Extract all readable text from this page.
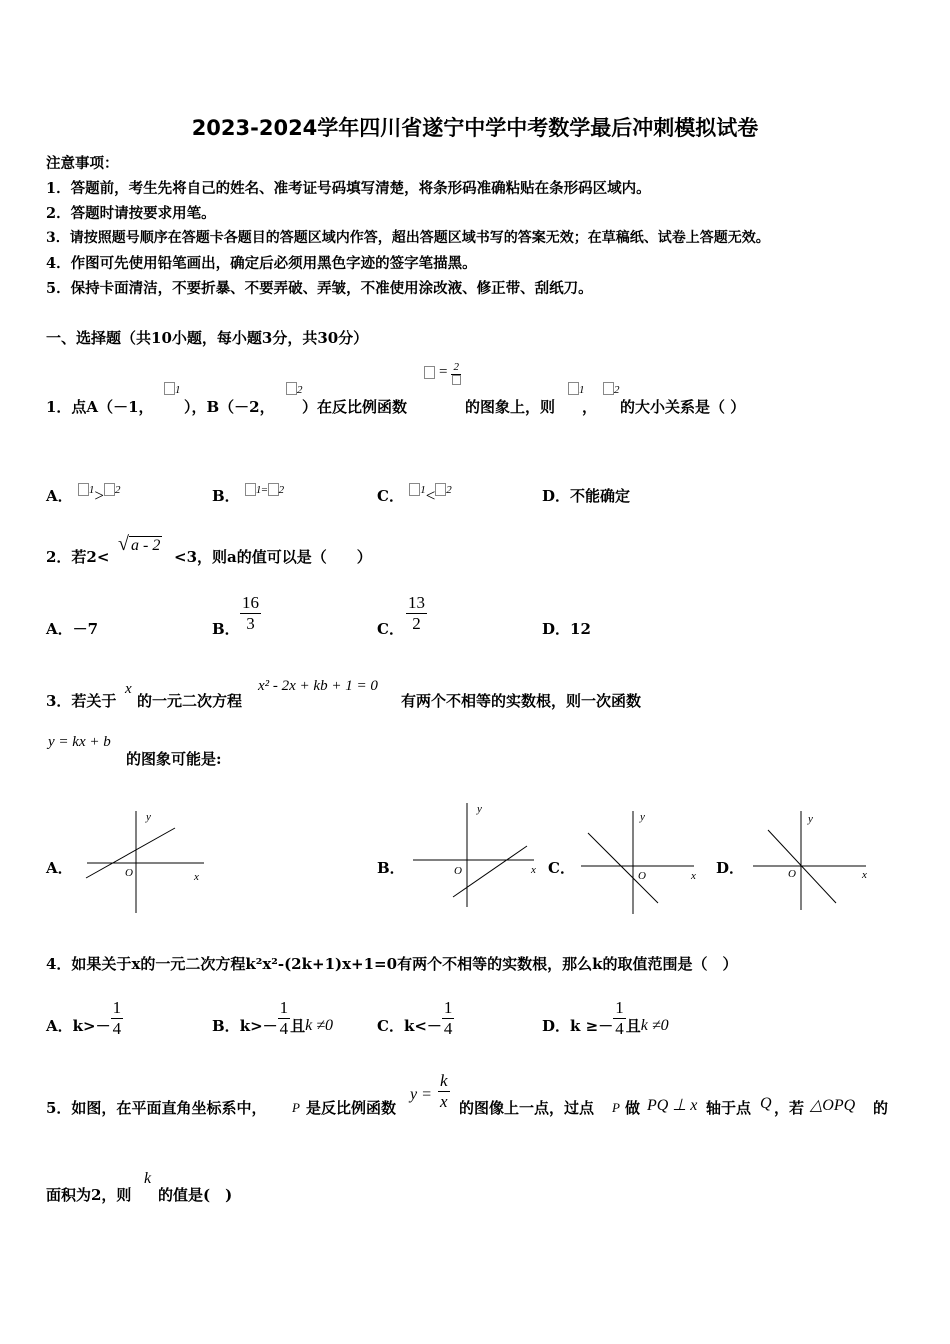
2023-2024学年四川省遂宁中学中考数学最后冲刺模拟试卷
注意事项：
1．答题前，考生先将自己的姓名、准考证号码填写清楚，将条形码准确粘贴在条形码区域内。
2．答题时请按要求用笔。
3．请按照题号顺序在答题卡各题目的答题区域内作答，超出答题区域书写的答案无效；在草稿纸、试卷上答题无效。
4．作图可先使用铅笔画出，确定后必须用黑色字迹的签字笔描黑。
5．保持卡面清洁，不要折暴、不要弄破、弄皱，不准使用涂改液、修正带、刮纸刀。
一、选择题（共10小题，每小题3分，共30分）
1．点A（－1，
1
），B（－2，
2
）在反比例函数
= 2
的图象上，则
1
，
2
的大小关系是（ ）
A． 1> 2	B． 1= 2	C． 1< 2	D．不能确定
2．若2<
√ a - 2
<3，则a的值可以是（　　）
A．－7	B． $\frac{16}{3}$	C． $\frac{13}{2}$	D．12
3．若关于
x
的一元二次方程
x² - 2x + kb + 1 = 0
有两个不相等的实数根，则一次函数
y = kx + b
的图象可能是:
A．
y
x
O	B．
y
x
O	C．
y
x
O	D．
y
x
O
4．如果关于x的一元二次方程k²x²-(2k+1)x+1=0有两个不相等的实数根，那么k的取值范围是（　）
A． $k>- \frac{1}{4}$	B． $k>- \frac{1}{4}$ 且 k ≠0	C． $k<- \frac{1}{4}$	D． $k \ge- \frac{1}{4}$ 且 k ≠0
5．如图，在平面直角坐标系中， P 是反比例函数
$y = \frac{k}{x}$ 的图像上一点，过点 P 做 PQ ⊥ x 轴于点 Q ，若 △OPQ 的
面积为2，则
k
的值是(　)
